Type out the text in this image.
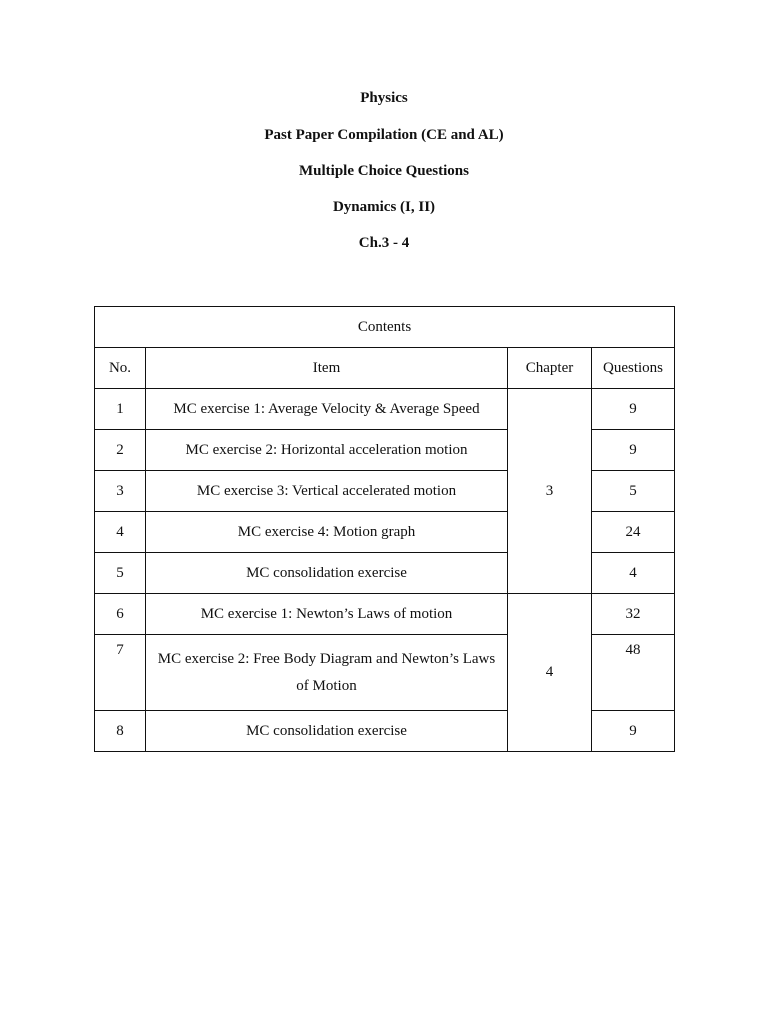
Physics
Past Paper Compilation (CE and AL)
Multiple Choice Questions
Dynamics (I, II)
Ch.3 - 4
Contents			
No.	Item	Chapter	Questions
1	MC exercise 1: Average Velocity & Average Speed	3	9
2	MC exercise 2: Horizontal acceleration motion		9
3	MC exercise 3: Vertical accelerated motion		5
4	MC exercise 4: Motion graph		24
5	MC consolidation exercise		4
6	MC exercise 1: Newton’s Laws of motion	4	32
7	MC exercise 2: Free Body Diagram and Newton’s Laws of Motion		48
8	MC consolidation exercise		9
